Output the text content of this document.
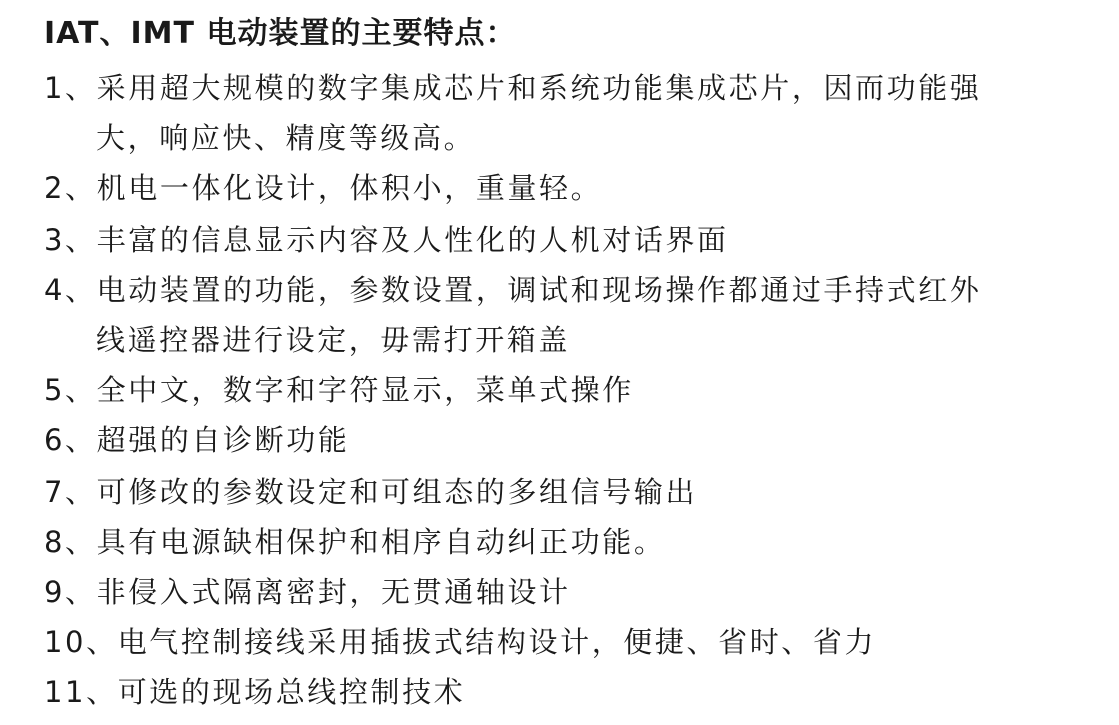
IAT、IMT 电动装置的主要特点：
1、采用超大规模的数字集成芯片和系统功能集成芯片，因而功能强
大，响应快、精度等级高。
2、机电一体化设计，体积小，重量轻。
3、丰富的信息显示内容及人性化的人机对话界面
4、电动装置的功能，参数设置，调试和现场操作都通过手持式红外
线遥控器进行设定，毋需打开箱盖
5、全中文，数字和字符显示，菜单式操作
6、超强的自诊断功能
7、可修改的参数设定和可组态的多组信号输出
8、具有电源缺相保护和相序自动纠正功能。
9、非侵入式隔离密封，无贯通轴设计
10、电气控制接线采用插拔式结构设计，便捷、省时、省力
11、可选的现场总线控制技术
